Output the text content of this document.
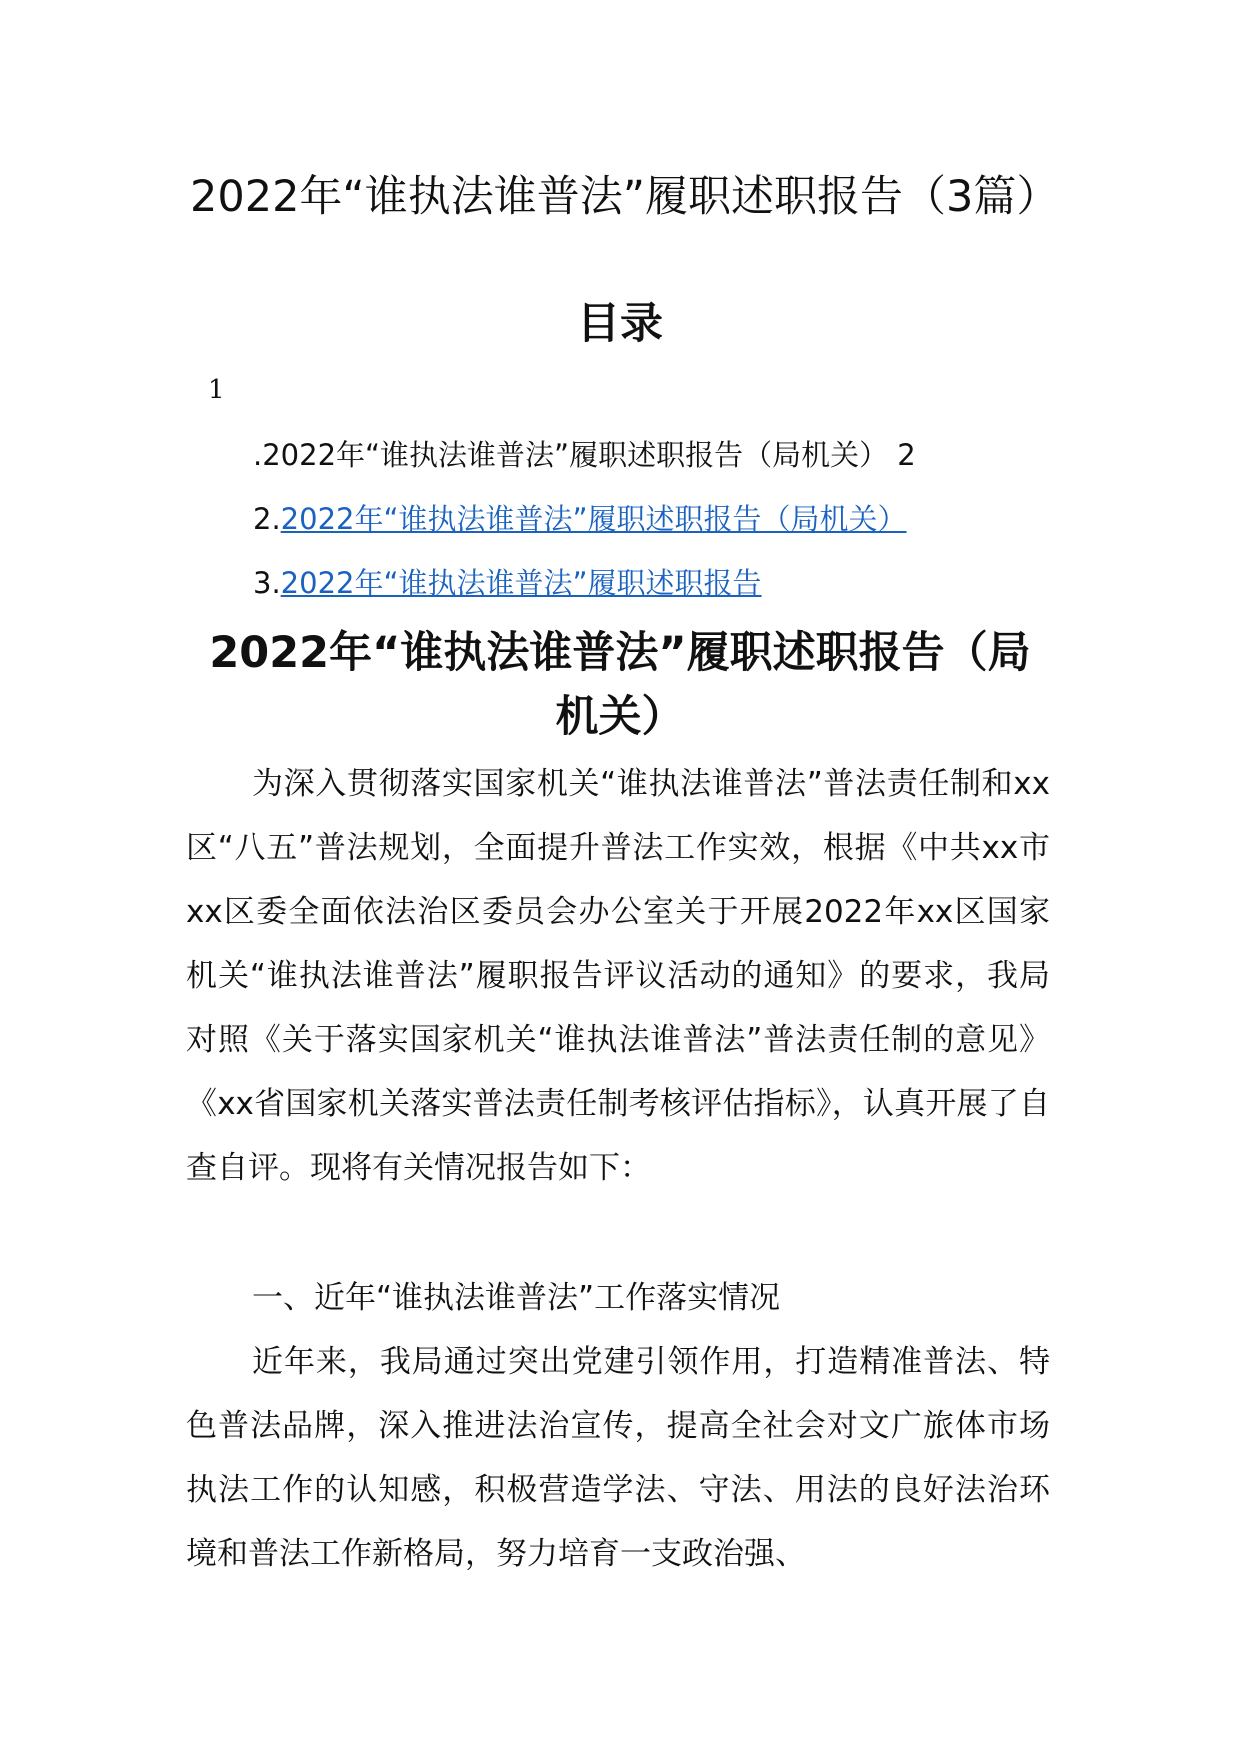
2022年“谁执法谁普法”履职述职报告（3篇）
目录
1
.2022年“谁执法谁普法”履职述职报告（局机关） 2
2.2022年“谁执法谁普法”履职述职报告（局机关）
3.2022年“谁执法谁普法”履职述职报告
2022年“谁执法谁普法”履职述职报告（局机关）

为深入贯彻落实国家机关“谁执法谁普法”普法责任制和xx区“八五”普法规划，全面提升普法工作实效，根据《中共xx市xx区委全面依法治区委员会办公室关于开展2022年xx区国家机关“谁执法谁普法”履职报告评议活动的通知》的要求，我局对照《关于落实国家机关“谁执法谁普法”普法责任制的意见》《xx省国家机关落实普法责任制考核评估指标》，认真开展了自查自评。现将有关情况报告如下：

一、近年“谁执法谁普法”工作落实情况

近年来，我局通过突出党建引领作用，打造精准普法、特色普法品牌，深入推进法治宣传，提高全社会对文广旅体市场执法工作的认知感，积极营造学法、守法、用法的良好法治环境和普法工作新格局，努力培育一支政治强、
